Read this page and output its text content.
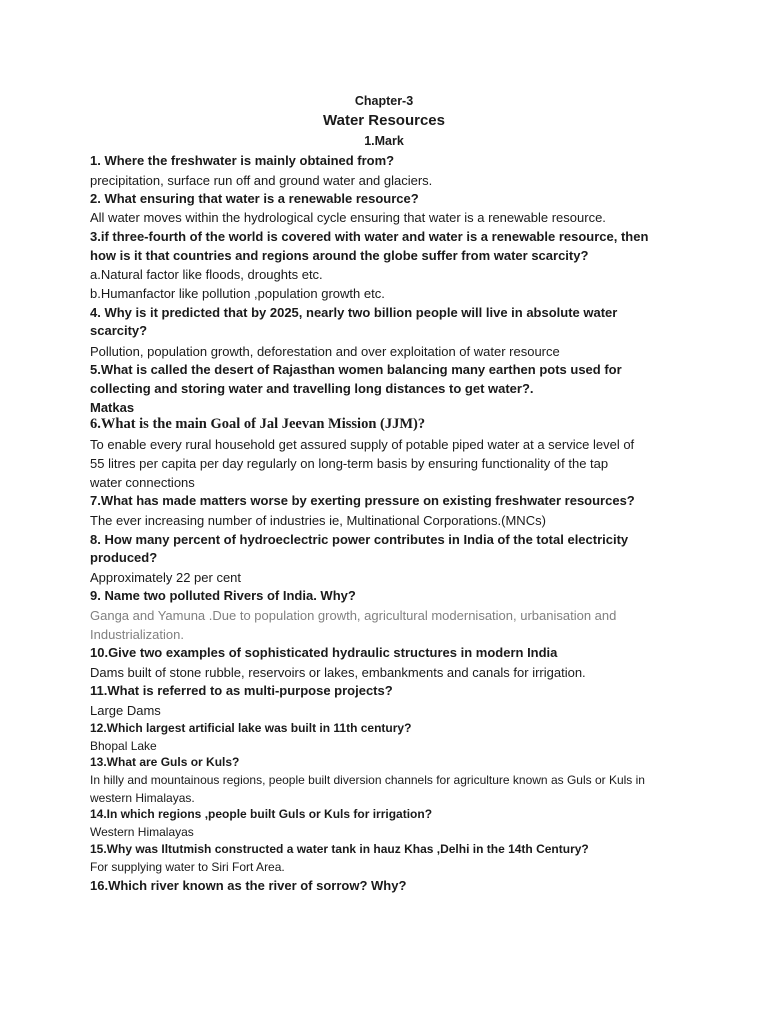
Chapter-3
Water Resources
1.Mark
1. Where the freshwater is mainly obtained from?
precipitation, surface run off and ground water and glaciers.
2. What ensuring that water is a renewable resource?
All water moves within the hydrological cycle ensuring that water is a renewable resource.
3.if three-fourth of the world is covered with water and water is a renewable resource, then
how is it that countries and regions around the globe suffer from water scarcity?
a.Natural factor like floods, droughts etc.
b.Humanfactor like pollution ,population growth etc.
4. Why is it predicted that by 2025, nearly two billion people will live in absolute water
scarcity?
Pollution, population growth, deforestation and over exploitation of water resource
5.What is called the desert of Rajasthan women balancing many earthen pots used for
collecting and storing water and travelling long distances to get water?.
Matkas
6.What is the main Goal of Jal Jeevan Mission (JJM)?
To enable every rural household get assured supply of potable piped water at a service level of
55 litres per capita per day regularly on long-term basis by ensuring functionality of the tap
water connections
7.What has made matters worse by exerting pressure on existing freshwater resources?
The ever increasing number of industries ie, Multinational Corporations.(MNCs)
8. How many percent of hydroeclectric power contributes in India of the total electricity
produced?
Approximately 22 per cent
9. Name two polluted Rivers of India. Why?
Ganga and Yamuna .Due to population growth, agricultural modernisation, urbanisation and
Industrialization.
10.Give two examples of sophisticated hydraulic structures in modern India
Dams built of stone rubble, reservoirs or lakes, embankments and canals for irrigation.
11.What is referred to as multi-purpose projects?
Large Dams
12.Which largest artificial lake was built in 11th century?
Bhopal Lake
13.What are Guls or Kuls?
In hilly and mountainous regions, people built diversion channels for agriculture known as Guls or Kuls in
western Himalayas.
14.In which regions ,people built Guls or Kuls for irrigation?
Western Himalayas
15.Why was Iltutmish constructed a water tank in hauz Khas ,Delhi in the 14th Century?
For supplying water to Siri Fort Area.
16.Which river known as the river of sorrow? Why?
